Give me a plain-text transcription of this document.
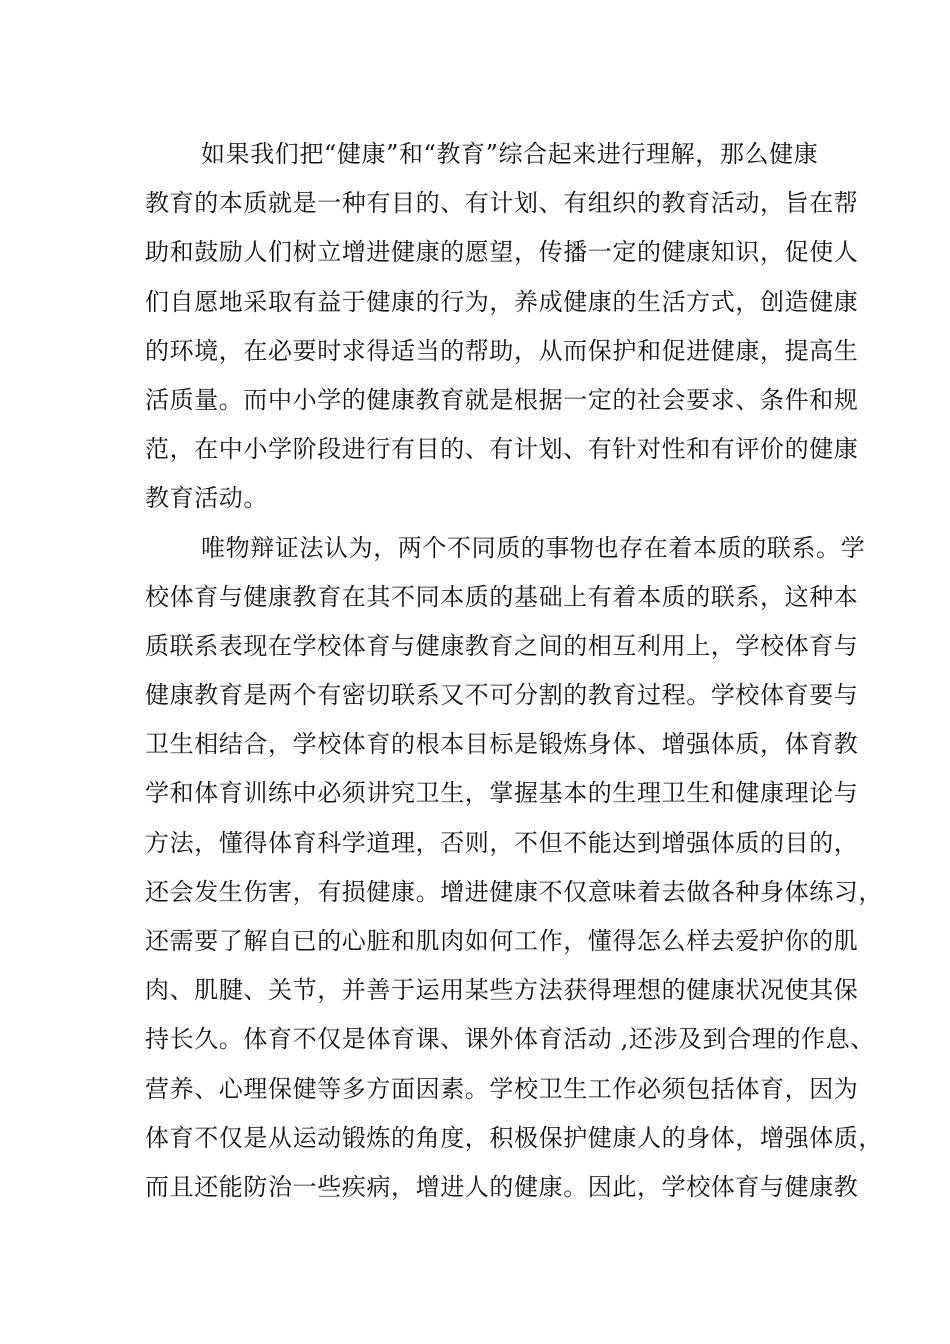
如果我们把“健康”和“教育”综合起来进行理解，那么健康
教育的本质就是一种有目的、有计划、有组织的教育活动，旨在帮
助和鼓励人们树立增进健康的愿望，传播一定的健康知识，促使人
们自愿地采取有益于健康的行为，养成健康的生活方式，创造健康
的环境，在必要时求得适当的帮助，从而保护和促进健康，提高生
活质量。而中小学的健康教育就是根据一定的社会要求、条件和规
范，在中小学阶段进行有目的、有计划、有针对性和有评价的健康
教育活动。
唯物辩证法认为，两个不同质的事物也存在着本质的联系。学
校体育与健康教育在其不同本质的基础上有着本质的联系，这种本
质联系表现在学校体育与健康教育之间的相互利用上，学校体育与
健康教育是两个有密切联系又不可分割的教育过程。学校体育要与
卫生相结合，学校体育的根本目标是锻炼身体、增强体质，体育教
学和体育训练中必须讲究卫生，掌握基本的生理卫生和健康理论与
方法，懂得体育科学道理，否则，不但不能达到增强体质的目的，
还会发生伤害，有损健康。增进健康不仅意味着去做各种身体练习，
还需要了解自已的心脏和肌肉如何工作，懂得怎么样去爱护你的肌
肉、肌腱、关节，并善于运用某些方法获得理想的健康状况使其保
持长久。体育不仅是体育课、课外体育活动 ,还涉及到合理的作息、
营养、心理保健等多方面因素。学校卫生工作必须包括体育，因为
体育不仅是从运动锻炼的角度，积极保护健康人的身体，增强体质，
而且还能防治一些疾病，增进人的健康。因此，学校体育与健康教
